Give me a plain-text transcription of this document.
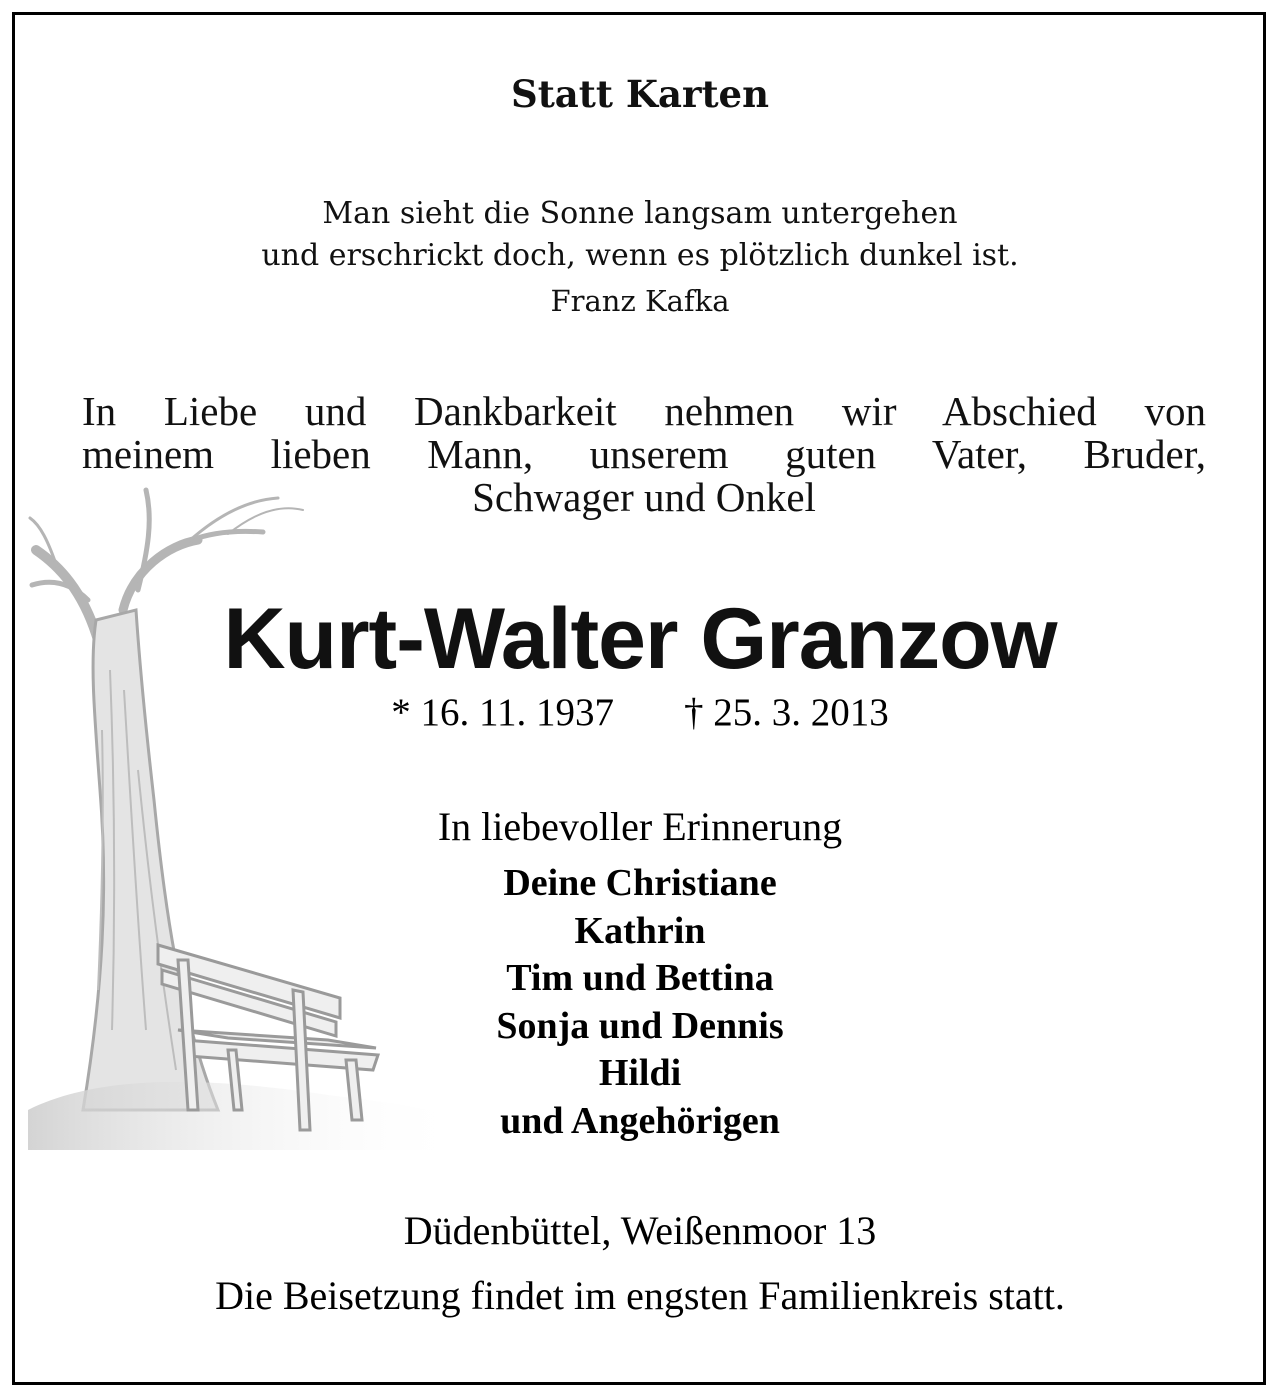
Statt Karten

Man sieht die Sonne langsam untergehen
und erschrickt doch, wenn es plötzlich dunkel ist.

Franz Kafka

In Liebe und Dankbarkeit nehmen wir Abschied von
meinem lieben Mann, unserem guten Vater, Bruder,
Schwager und Onkel
Kurt-Walter Granzow
* 16. 11. 1937 † 25. 3. 2013

In liebevoller Erinnerung

Deine Christiane
Kathrin
Tim und Bettina
Sonja und Dennis
Hildi
und Angehörigen

Düdenbüttel, Weißenmoor 13

Die Beisetzung findet im engsten Familienkreis statt.
